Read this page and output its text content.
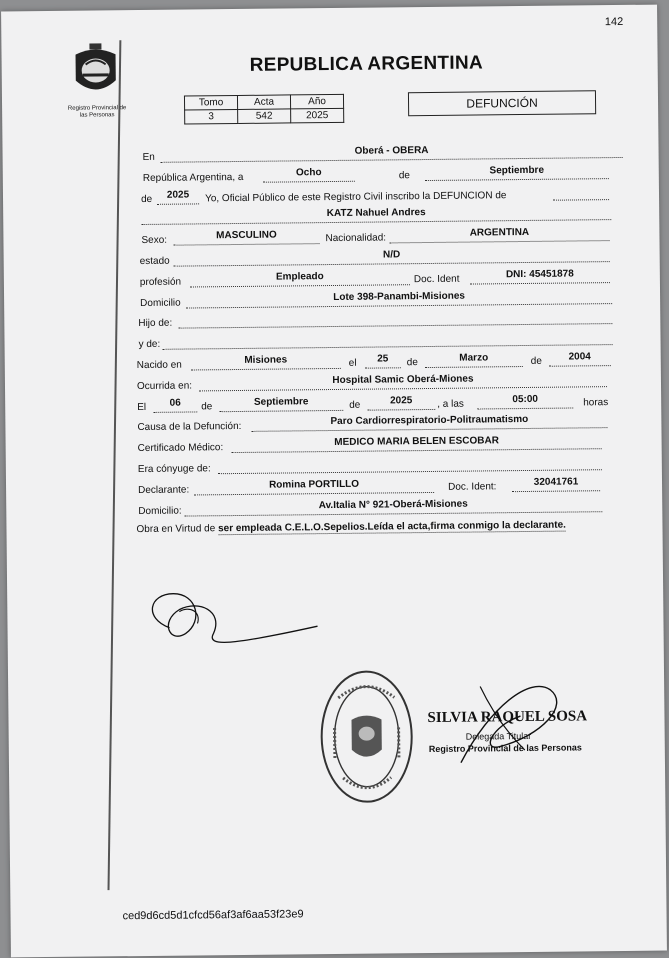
142
Registro Provincial de
las Personas
REPUBLICA ARGENTINA
Tomo	Acta	Año
3	542	2025
DEFUNCIÓN
En
Oberá - OBERA
República Argentina, a	Ocho	de	Septiembre
de	2025	Yo, Oficial Público de este Registro Civil inscribo la DEFUNCION de
KATZ Nahuel Andres
Sexo:	MASCULINO	Nacionalidad:	ARGENTINA
estado
N/D
profesión	Empleado	Doc. Ident	DNI: 45451878
Domicilio
Lote 398-Panambi-Misiones
Hijo de:
y de:
Nacido en	Misiones	el	25	de	Marzo	de	2004
Ocurrida en:
Hospital Samic Oberá-Miones
El	06	de	Septiembre	de	2025	, a las	05:00	horas
Causa de la Defunción:	Paro Cardiorrespiratorio-Politraumatismo
Certificado Médico:
MEDICO MARIA BELEN ESCOBAR
Era cónyuge de:
Declarante:	Romina PORTILLO	Doc. Ident:	32041761
Domicilio:
Av.Italia N° 921-Oberá-Misiones
Obra en Virtud de ser empleada C.E.L.O.Sepelios.Leída el acta,firma conmigo la declarante.
SILVIA RAQUEL SOSA
Delegada Titular
Registro Provincial de las Personas
ced9d6cd5d1cfcd56af3af6aa53f23e9
